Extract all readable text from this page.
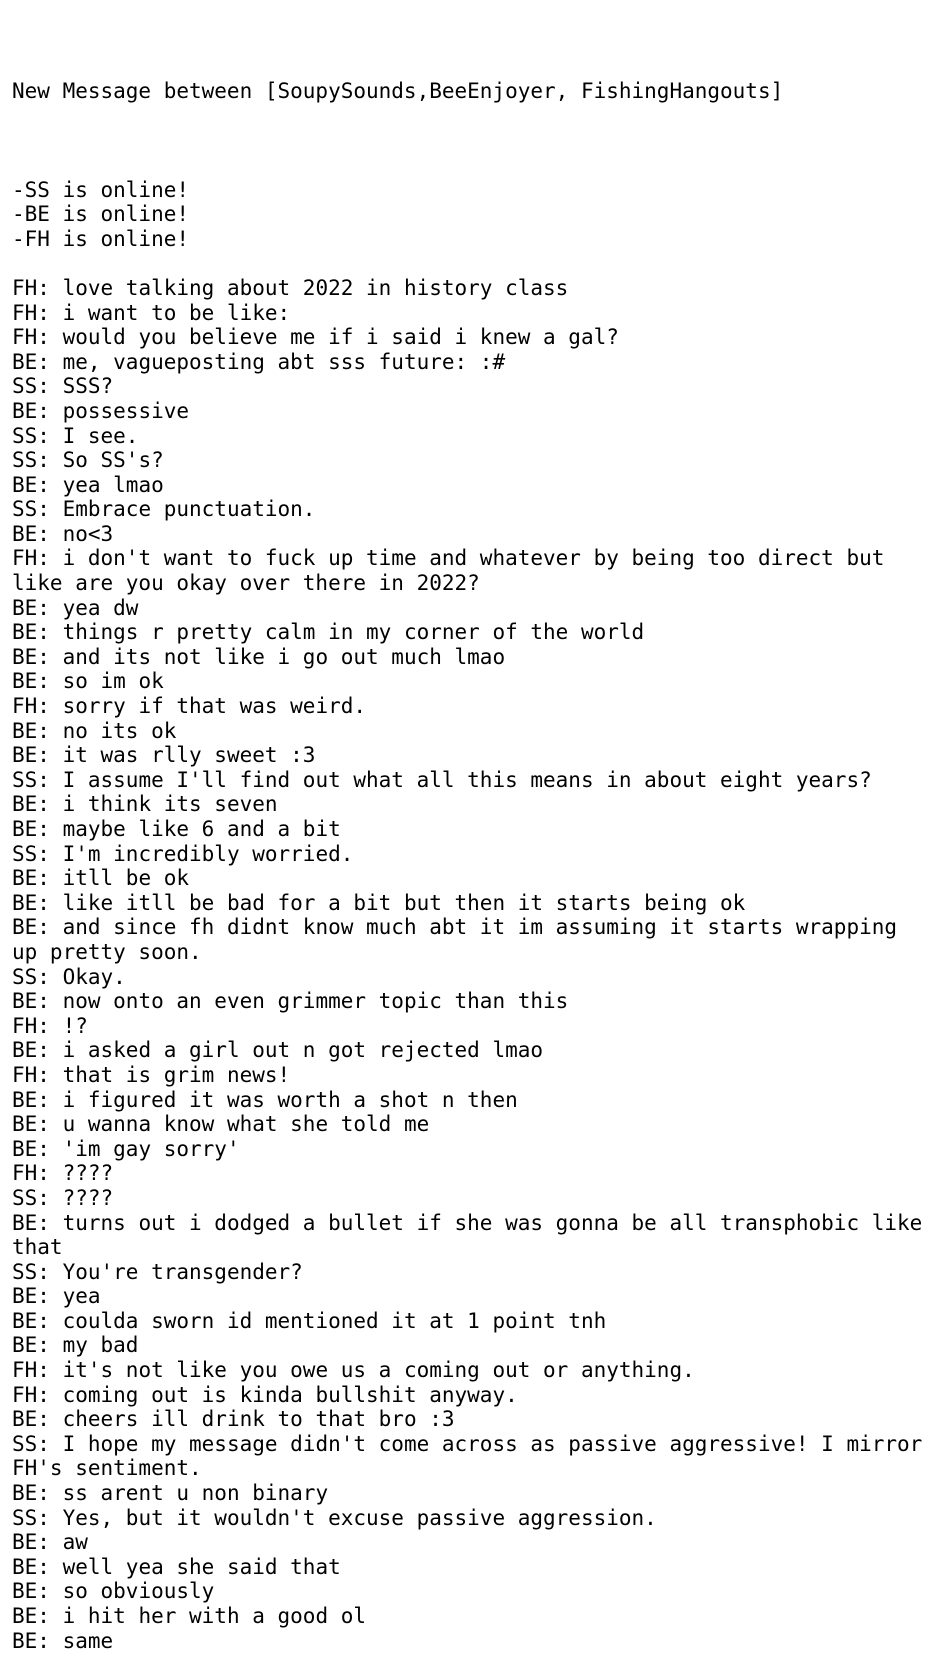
New Message between [SoupySounds,BeeEnjoyer, FishingHangouts]

-SS is online!
-BE is online!
-FH is online!
FH: love talking about 2022 in history class
FH: i want to be like:
FH: would you believe me if i said i knew a gal?
BE: me, vagueposting abt sss future: :#
SS: SSS?
BE: possessive
SS: I see.
SS: So SS's?
BE: yea lmao
SS: Embrace punctuation.
BE: no<3
FH: i don't want to fuck up time and whatever by being too direct but like are you okay over there in 2022?
BE: yea dw
BE: things r pretty calm in my corner of the world
BE: and its not like i go out much lmao
BE: so im ok
FH: sorry if that was weird.
BE: no its ok
BE: it was rlly sweet :3
SS: I assume I'll find out what all this means in about eight years?
BE: i think its seven
BE: maybe like 6 and a bit
SS: I'm incredibly worried.
BE: itll be ok
BE: like itll be bad for a bit but then it starts being ok
BE: and since fh didnt know much abt it im assuming it starts wrapping up pretty soon.
SS: Okay.
BE: now onto an even grimmer topic than this
FH: !?
BE: i asked a girl out n got rejected lmao
FH: that is grim news!
BE: i figured it was worth a shot n then
BE: u wanna know what she told me
BE: 'im gay sorry'
FH: ????
SS: ????
BE: turns out i dodged a bullet if she was gonna be all transphobic like that
SS: You're transgender?
BE: yea
BE: coulda sworn id mentioned it at 1 point tnh
BE: my bad
FH: it's not like you owe us a coming out or anything.
FH: coming out is kinda bullshit anyway.
BE: cheers ill drink to that bro :3
SS: I hope my message didn't come across as passive aggressive! I mirror FH's sentiment.
BE: ss arent u non binary
SS: Yes, but it wouldn't excuse passive aggression.
BE: aw
BE: well yea she said that
BE: so obviously
BE: i hit her with a good ol
BE: same
